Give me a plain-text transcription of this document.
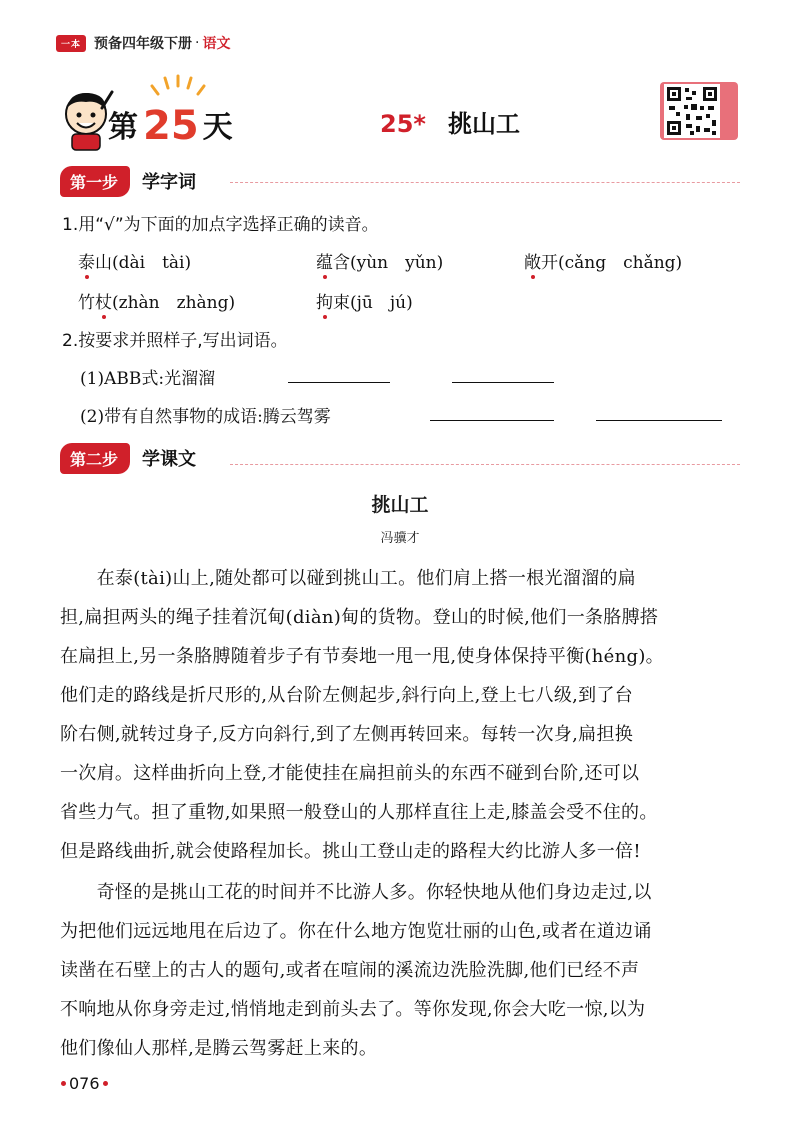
一本 预备四年级下册 · 语文
第 25 天	25* 挑山工
第一步	学字词
1.用“√”为下面的加点字选择正确的读音。
泰山(dài　tài)	蕴含(yùn　yǔn)	敞开(cǎng　chǎng)
竹杖(zhàn　zhàng)	拘束(jū　jú)
2.按要求并照样子,写出词语。
(1)ABB式:光溜溜
(2)带有自然事物的成语:腾云驾雾
第二步	学课文
挑山工
冯骥才
　　在泰(tài)山上,随处都可以碰到挑山工。他们肩上搭一根光溜溜的扁
担,扁担两头的绳子挂着沉甸(diàn)甸的货物。登山的时候,他们一条胳膊搭
在扁担上,另一条胳膊随着步子有节奏地一甩一甩,使身体保持平衡(héng)。
他们走的路线是折尺形的,从台阶左侧起步,斜行向上,登上七八级,到了台
阶右侧,就转过身子,反方向斜行,到了左侧再转回来。每转一次身,扁担换
一次肩。这样曲折向上登,才能使挂在扁担前头的东西不碰到台阶,还可以
省些力气。担了重物,如果照一般登山的人那样直往上走,膝盖会受不住的。
但是路线曲折,就会使路程加长。挑山工登山走的路程大约比游人多一倍!
　　奇怪的是挑山工花的时间并不比游人多。你轻快地从他们身边走过,以
为把他们远远地甩在后边了。你在什么地方饱览壮丽的山色,或者在道边诵
读凿在石壁上的古人的题句,或者在喧闹的溪流边洗脸洗脚,他们已经不声
不响地从你身旁走过,悄悄地走到前头去了。等你发现,你会大吃一惊,以为
他们像仙人那样,是腾云驾雾赶上来的。
076
